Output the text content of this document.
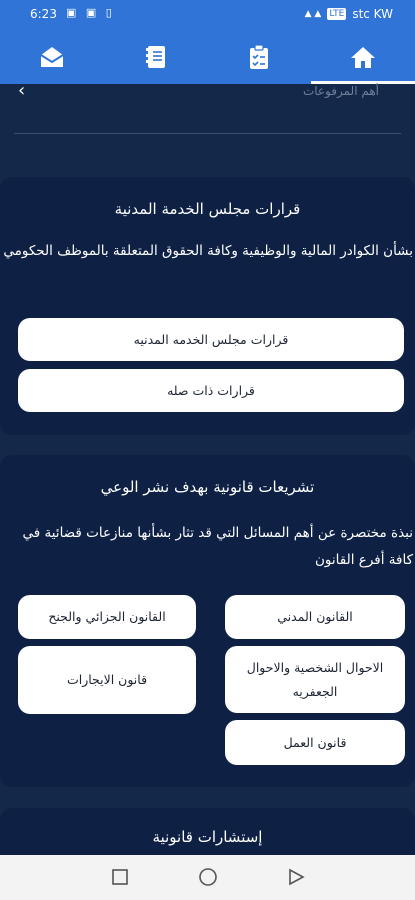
6:23 ▣ ▣ ▯	▲ ▲ LTE stc KW
أهم المرفوعات
‹
قرارات مجلس الخدمة المدنية
بشأن الكوادر المالية والوظيفية وكافة الحقوق المتعلقة بالموظف الحكومي
قرارات مجلس الخدمه المدنيه
قرارات ذات صله
تشريعات قانونية بهدف نشر الوعي
نبذة مختصرة عن أهم المسائل التي قد تثار بشأنها منازعات قضائية في كافة أفرع القانون
القانون المدني
القانون الجزائي والجنح
الاحوال الشخصية والاحوال الجعفريه
قانون الايجارات
قانون العمل
إستشارات قانونية
